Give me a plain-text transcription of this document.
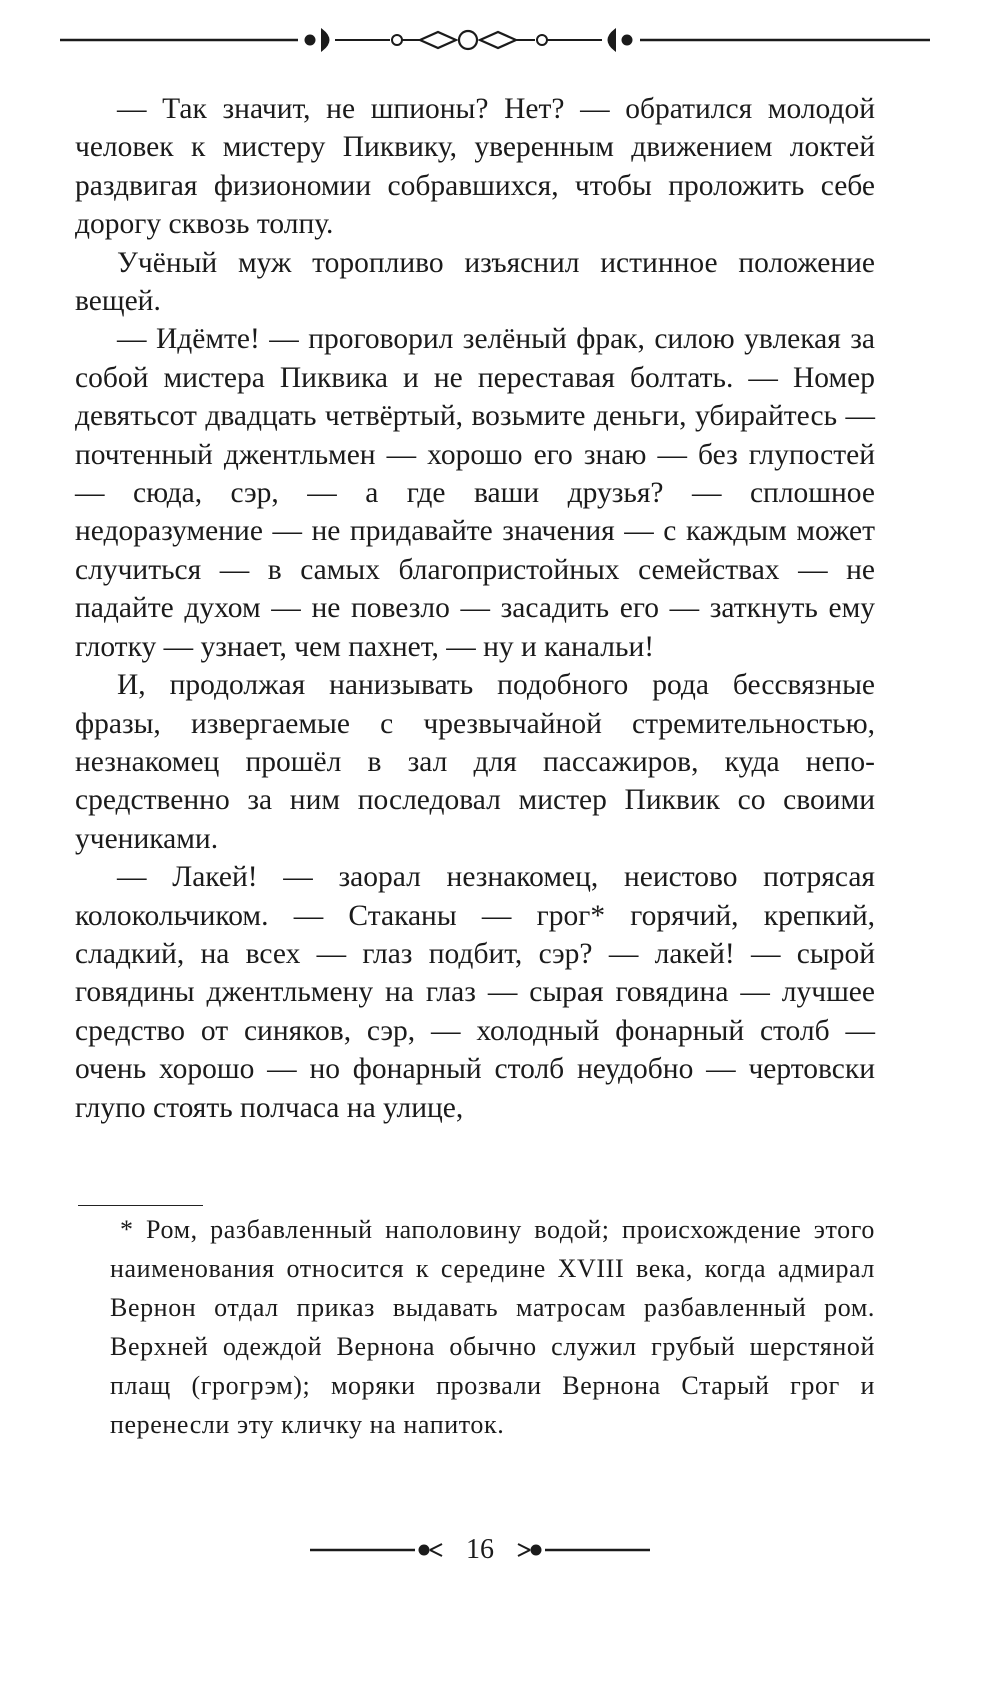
— Так значит, не шпионы? Нет? — обратился молодой человек к мистеру Пиквику, уверенным движением локтей раздвигая физиономии собравшихся, чтобы проложить себе дорогу сквозь толпу.

Учёный муж торопливо изъяснил истинное положение вещей.

— Идёмте! — проговорил зелёный фрак, силою увлекая за собой мистера Пиквика и не переставая болтать. — Номер девятьсот двадцать четвёртый, возьмите деньги, убирайтесь — почтенный джентльмен — хорошо его знаю — без глупостей — сюда, сэр, — а где ваши друзья? — сплошное недоразумение — не придавайте значения — с каждым может случиться — в самых благопристойных семействах — не падайте духом — не повезло — засадить его — заткнуть ему глотку — узнает, чем пахнет, — ну и канальи!

И, продолжая нанизывать подобного рода бессвязные фразы, извергаемые с чрезвычайной стремительностью, незнакомец прошёл в зал для пассажиров, куда непосредственно за ним последовал мистер Пиквик со своими учениками.

— Лакей! — заорал незнакомец, неистово потрясая колокольчиком. — Стаканы — грог* горячий, крепкий, сладкий, на всех — глаз подбит, сэр? — лакей! — сырой говядины джентльмену на глаз — сырая говядина — лучшее средство от синяков, сэр, — холодный фонарный столб — очень хорошо — но фонарный столб неудобно — чертовски глупо стоять полчаса на улице,

* Ром, разбавленный наполовину водой; происхождение этого наименования относится к середине XVIII века, когда адмирал Вернон отдал приказ выдавать матросам разбавленный ром. Верхней одеждой Вернона обычно служил грубый шерстяной плащ (грогрэм); моряки прозвали Вернона Старый грог и перенесли эту кличку на напиток.

16
